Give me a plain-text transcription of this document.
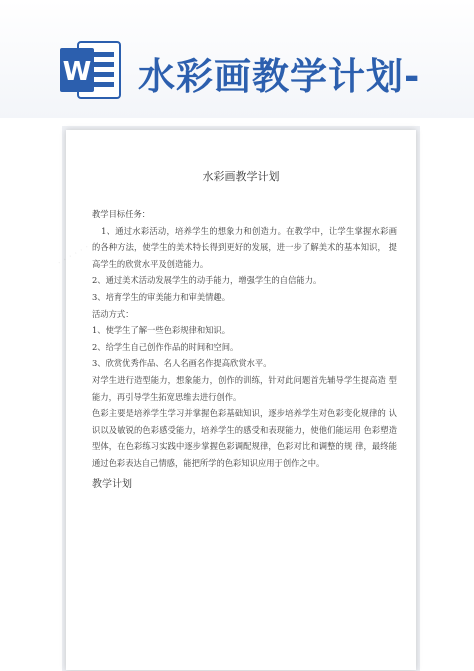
W 水彩画教学计划-
· · · · · ·
水彩画教学计划

教学目标任务：

1、通过水彩活动，培养学生的想象力和创造力。在教学中，让学生掌握水彩画 的各种方法，使学生的美术特长得到更好的发展，进一步了解美术的基本知识， 提高学生的欣赏水平及创造能力。

2、通过美术活动发展学生的动手能力，增强学生的自信能力。

3、培育学生的审美能力和审美情趣。

活动方式：

1、使学生了解一些色彩规律和知识。

2、给学生自己创作作品的时间和空间。

3、欣赏优秀作品、名人名画名作提高欣赏水平。

对学生进行造型能力，想象能力，创作的训练，针对此问题首先辅导学生提高造 型能力，再引导学生拓宽思维去进行创作。

色彩主要是培养学生学习并掌握色彩基础知识，逐步培养学生对色彩变化规律的 认识以及敏锐的色彩感受能力，培养学生的感受和表现能力，使他们能运用 色彩塑造型体，在色彩练习实践中逐步掌握色彩调配规律，色彩对比和调整的规 律，最终能通过色彩表达自己情感，能把所学的色彩知识应用于创作之中。

教学计划
